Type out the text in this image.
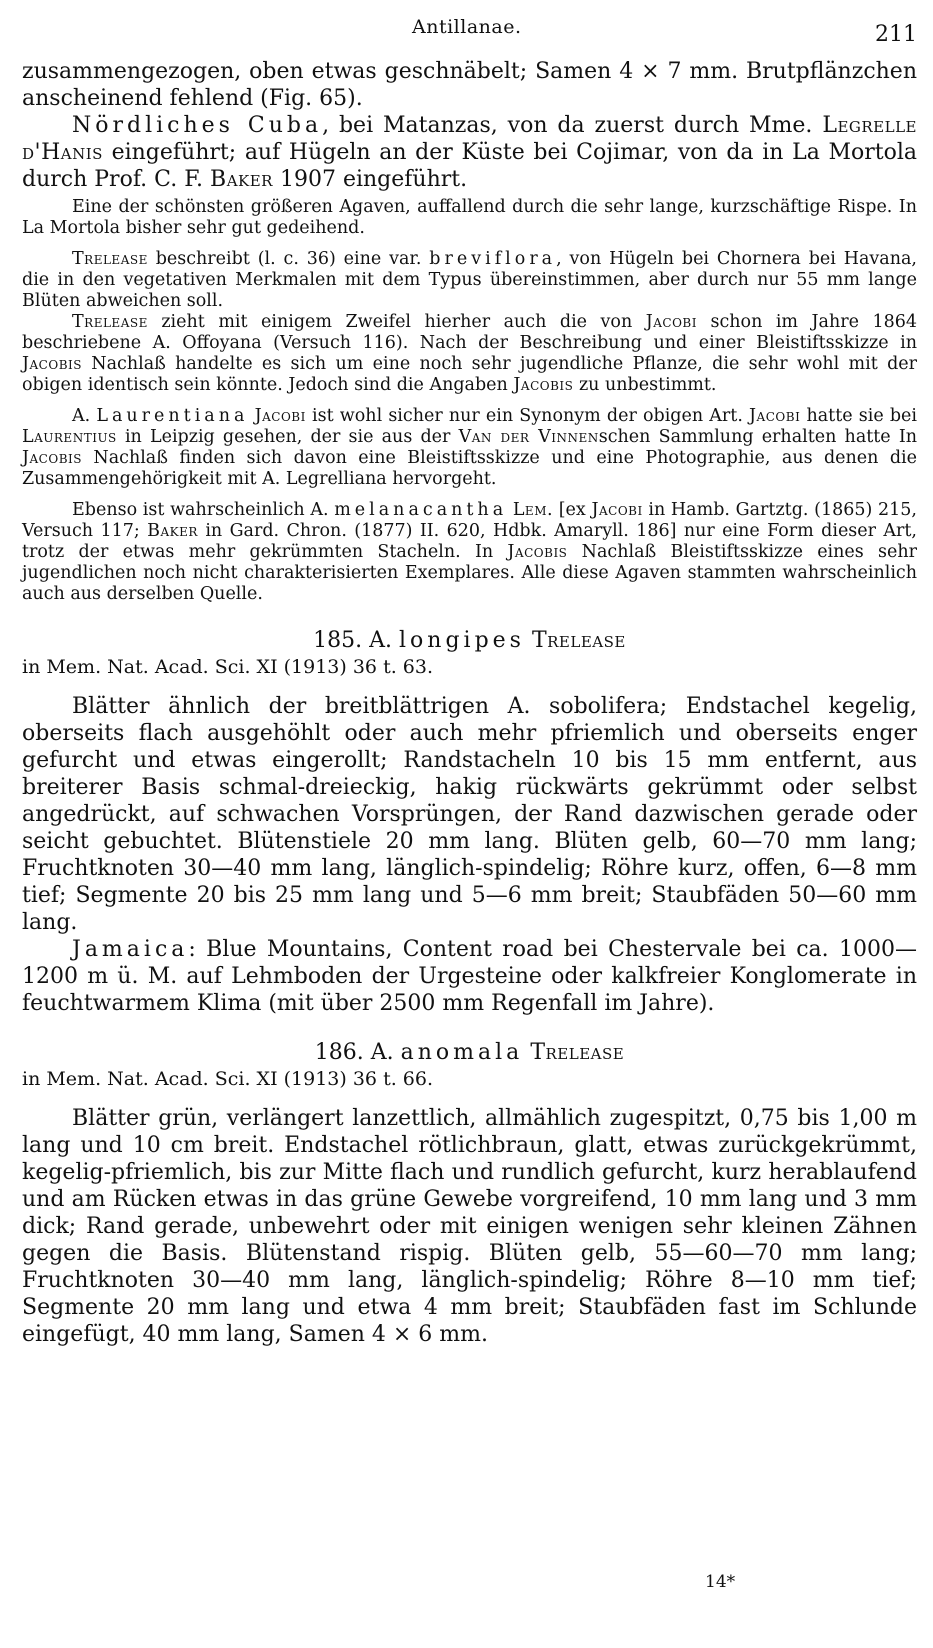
Antillanae.	211

zusammengezogen, oben etwas geschnäbelt; Samen 4 × 7 mm. Brutpflänzchen anscheinend fehlend (Fig. 65).

Nördliches Cuba, bei Matanzas, von da zuerst durch Mme. Legrelle d'Hanis eingeführt; auf Hügeln an der Küste bei Cojimar, von da in La Mortola durch Prof. C. F. Baker 1907 eingeführt.

Eine der schönsten größeren Agaven, auffallend durch die sehr lange, kurzschäftige Rispe. In La Mortola bisher sehr gut gedeihend.

Trelease beschreibt (l. c. 36) eine var. breviflora, von Hügeln bei Chornera bei Havana, die in den vegetativen Merkmalen mit dem Typus übereinstimmen, aber durch nur 55 mm lange Blüten abweichen soll.

Trelease zieht mit einigem Zweifel hierher auch die von Jacobi schon im Jahre 1864 beschriebene A. Offoyana (Versuch 116). Nach der Beschreibung und einer Bleistiftsskizze in Jacobis Nachlaß handelte es sich um eine noch sehr jugendliche Pflanze, die sehr wohl mit der obigen identisch sein könnte. Jedoch sind die Angaben Jacobis zu unbestimmt.

A. Laurentiana Jacobi ist wohl sicher nur ein Synonym der obigen Art. Jacobi hatte sie bei Laurentius in Leipzig gesehen, der sie aus der Van der Vinnenschen Sammlung erhalten hatte In Jacobis Nachlaß finden sich davon eine Bleistiftsskizze und eine Photographie, aus denen die Zusammengehörigkeit mit A. Legrelliana hervorgeht.

Ebenso ist wahrscheinlich A. melanacantha Lem. [ex Jacobi in Hamb. Gartztg. (1865) 215, Versuch 117; Baker in Gard. Chron. (1877) II. 620, Hdbk. Amaryll. 186] nur eine Form dieser Art, trotz der etwas mehr gekrümmten Stacheln. In Jacobis Nachlaß Bleistiftsskizze eines sehr jugendlichen noch nicht charakterisierten Exemplares. Alle diese Agaven stammten wahrscheinlich auch aus derselben Quelle.

185. A. longipes Trelease

in Mem. Nat. Acad. Sci. XI (1913) 36 t. 63.

Blätter ähnlich der breitblättrigen A. sobolifera; Endstachel kegelig, oberseits flach ausgehöhlt oder auch mehr pfriemlich und oberseits enger gefurcht und etwas eingerollt; Randstacheln 10 bis 15 mm entfernt, aus breiterer Basis schmal-dreieckig, hakig rückwärts gekrümmt oder selbst angedrückt, auf schwachen Vorsprüngen, der Rand dazwischen gerade oder seicht gebuchtet. Blütenstiele 20 mm lang. Blüten gelb, 60—70 mm lang; Fruchtknoten 30—40 mm lang, länglich-spindelig; Röhre kurz, offen, 6—8 mm tief; Segmente 20 bis 25 mm lang und 5—6 mm breit; Staubfäden 50—60 mm lang.

Jamaica: Blue Mountains, Content road bei Chestervale bei ca. 1000—1200 m ü. M. auf Lehmboden der Urgesteine oder kalkfreier Konglomerate in feuchtwarmem Klima (mit über 2500 mm Regenfall im Jahre).

186. A. anomala Trelease

in Mem. Nat. Acad. Sci. XI (1913) 36 t. 66.

Blätter grün, verlängert lanzettlich, allmählich zugespitzt, 0,75 bis 1,00 m lang und 10 cm breit. Endstachel rötlichbraun, glatt, etwas zurückgekrümmt, kegelig-pfriemlich, bis zur Mitte flach und rundlich gefurcht, kurz herablaufend und am Rücken etwas in das grüne Gewebe vorgreifend, 10 mm lang und 3 mm dick; Rand gerade, unbewehrt oder mit einigen wenigen sehr kleinen Zähnen gegen die Basis. Blütenstand rispig. Blüten gelb, 55—60—70 mm lang; Fruchtknoten 30—40 mm lang, länglich-spindelig; Röhre 8—10 mm tief; Segmente 20 mm lang und etwa 4 mm breit; Staubfäden fast im Schlunde eingefügt, 40 mm lang, Samen 4 × 6 mm.

14*
